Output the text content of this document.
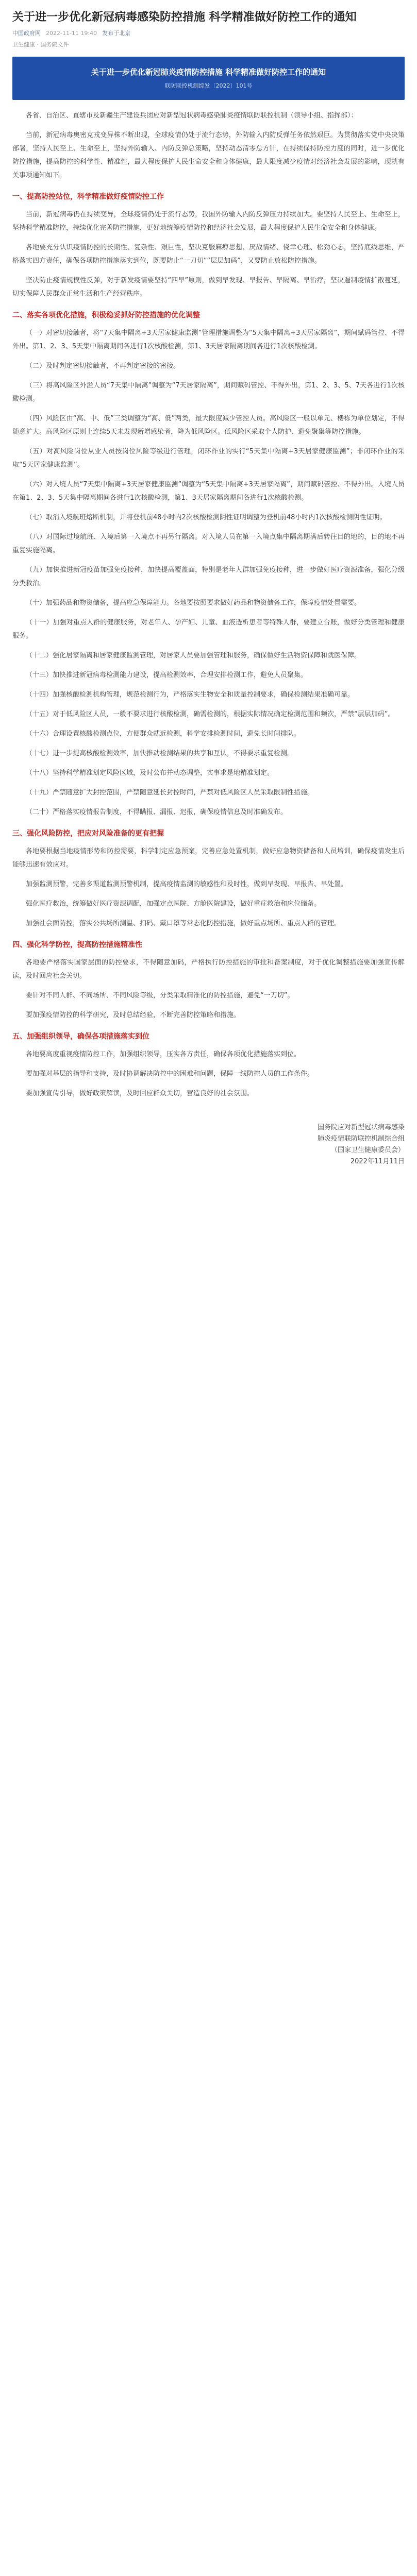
关于进一步优化新冠病毒感染防控措施 科学精准做好防控工作的通知
中国政府网 2022-11-11 19:40 发布于北京
卫生健康 · 国务院文件
关于进一步优化新冠肺炎疫情防控措施 科学精准做好防控工作的通知
联防联控机制综发〔2022〕101号

各省、自治区、直辖市及新疆生产建设兵团应对新型冠状病毒感染肺炎疫情联防联控机制（领导小组、指挥部）：

当前，新冠病毒奥密克戎变异株不断出现，全球疫情仍处于流行态势，外防输入内防反弹任务依然艰巨。为贯彻落实党中央决策部署，坚持人民至上、生命至上，坚持外防输入、内防反弹总策略，坚持动态清零总方针，在持续保持防控力度的同时，进一步优化防控措施，提高防控的科学性、精准性，最大程度保护人民生命安全和身体健康，最大限度减少疫情对经济社会发展的影响，现就有关事项通知如下。

一、提高防控站位，科学精准做好疫情防控工作

当前，新冠病毒仍在持续变异，全球疫情仍处于流行态势，我国外防输入内防反弹压力持续加大。要坚持人民至上、生命至上，坚持科学精准防控，持续优化完善防控措施，更好地统筹疫情防控和经济社会发展，最大程度保护人民生命安全和身体健康。

各地要充分认识疫情防控的长期性、复杂性、艰巨性，坚决克服麻痹思想、厌战情绪、侥幸心理、松劲心态，坚持底线思维，严格落实四方责任，确保各项防控措施落实到位，既要防止“一刀切”“层层加码”，又要防止放松防控措施。

坚决防止疫情规模性反弹，对于新发疫情要坚持“四早”原则，做到早发现、早报告、早隔离、早治疗，坚决遏制疫情扩散蔓延，切实保障人民群众正常生活和生产经营秩序。

二、落实各项优化措施，积极稳妥抓好防控措施的优化调整

（一）对密切接触者，将“7天集中隔离+3天居家健康监测”管理措施调整为“5天集中隔离+3天居家隔离”，期间赋码管控、不得外出。第1、2、3、5天集中隔离期间各进行1次核酸检测，第1、3天居家隔离期间各进行1次核酸检测。

（二）及时判定密切接触者，不再判定密接的密接。

（三）将高风险区外溢人员“7天集中隔离”调整为“7天居家隔离”，期间赋码管控、不得外出，第1、2、3、5、7天各进行1次核酸检测。

（四）风险区由“高、中、低”三类调整为“高、低”两类，最大限度减少管控人员。高风险区一般以单元、楼栋为单位划定，不得随意扩大。高风险区原则上连续5天未发现新增感染者，降为低风险区。低风险区采取个人防护、避免聚集等防控措施。

（五）对高风险岗位从业人员按岗位风险等级进行管理，闭环作业的实行“5天集中隔离+3天居家健康监测”；非闭环作业的采取“5天居家健康监测”。

（六）对入境人员“7天集中隔离+3天居家健康监测”调整为“5天集中隔离+3天居家隔离”，期间赋码管控、不得外出。入境人员在第1、2、3、5天集中隔离期间各进行1次核酸检测，第1、3天居家隔离期间各进行1次核酸检测。

（七）取消入境航班熔断机制，并将登机前48小时内2次核酸检测阴性证明调整为登机前48小时内1次核酸检测阴性证明。

（八）对国际过境航班、入境后第一入境点不再另行隔离。对入境人员在第一入境点集中隔离期满后转往目的地的，目的地不再重复实施隔离。

（九）加快推进新冠疫苗加强免疫接种，加快提高覆盖面，特别是老年人群加强免疫接种，进一步做好医疗资源准备，强化分级分类救治。

（十）加强药品和物资储备，提高应急保障能力。各地要按照要求做好药品和物资储备工作，保障疫情处置需要。

（十一）加强对重点人群的健康服务，对老年人、孕产妇、儿童、血液透析患者等特殊人群，要建立台账，做好分类管理和健康服务。

（十二）强化居家隔离和居家健康监测管理，对居家人员要加强管理和服务，确保做好生活物资保障和就医保障。

（十三）加快推进新冠病毒检测能力建设，提高检测效率，合理安排检测工作，避免人员聚集。

（十四）加强核酸检测机构管理，规范检测行为，严格落实生物安全和质量控制要求，确保检测结果准确可靠。

（十五）对于低风险区人员，一般不要求进行核酸检测，确需检测的，根据实际情况确定检测范围和频次，严禁“层层加码”。

（十六）合理设置核酸检测点位，方便群众就近检测，科学安排检测时间，避免长时间排队。

（十七）进一步提高核酸检测效率，加快推动检测结果的共享和互认，不得要求重复检测。

（十八）坚持科学精准划定风险区域，及时公布并动态调整，实事求是地精准划定。

（十九）严禁随意扩大封控范围，严禁随意延长封控时间，严禁对低风险区人员采取限制性措施。

（二十）严格落实疫情报告制度，不得瞒报、漏报、迟报，确保疫情信息及时准确发布。

三、强化风险防控，把应对风险准备的更有把握

各地要根据当地疫情形势和防控需要，科学制定应急预案，完善应急处置机制，做好应急物资储备和人员培训，确保疫情发生后能够迅速有效应对。

加强监测预警，完善多渠道监测预警机制，提高疫情监测的敏感性和及时性，做到早发现、早报告、早处置。

强化医疗救治，统筹做好医疗资源调配，加强定点医院、方舱医院建设，做好重症救治和床位储备。

加强社会面防控，落实公共场所测温、扫码、戴口罩等常态化防控措施，做好重点场所、重点人群的管理。

四、强化科学防控，提高防控措施精准性

各地要严格落实国家层面的防控要求，不得随意加码，严格执行防控措施的审批和备案制度，对于优化调整措施要加强宣传解读，及时回应社会关切。

要针对不同人群、不同场所、不同风险等级，分类采取精准化的防控措施，避免“一刀切”。

要加强疫情防控的科学研究，及时总结经验，不断完善防控策略和措施。

五、加强组织领导，确保各项措施落实到位

各地要高度重视疫情防控工作，加强组织领导，压实各方责任，确保各项优化措施落实到位。

要加强对基层的指导和支持，及时协调解决防控中的困难和问题，保障一线防控人员的工作条件。

要加强宣传引导，做好政策解读，及时回应群众关切，营造良好的社会氛围。

国务院应对新型冠状病毒感染
肺炎疫情联防联控机制综合组
（国家卫生健康委员会）
2022年11月11日
